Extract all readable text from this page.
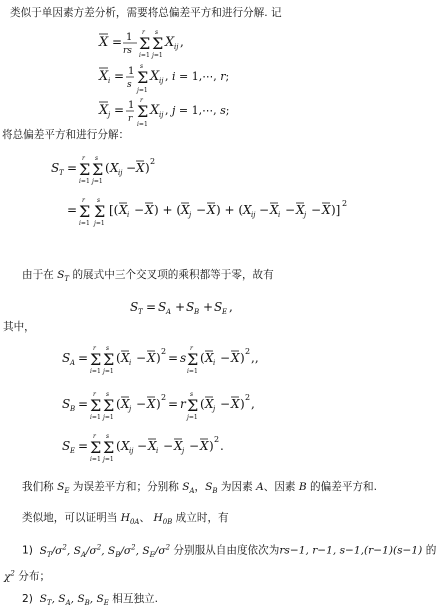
类似于单因素方差分析，需要将总偏差平方和进行分解. 记
X = 1
rs Σ
r
i=1
Σ
s
j=1
X ij ,
X i = 1
s Σ
s
j=1
X ij , i = 1,⋯, r;
X j = 1
r Σ
r
i=1
X ij , j = 1,⋯, s;
将总偏差平方和进行分解：
S T = Σ
r
i=1
Σ
s
j=1
( X ij − X ) 2
= Σ
r
i=1
Σ
s
j=1
[( X i − X ) + ( X j − X ) + ( X ij − X i − X j − X )] 2
由于在 $S_T$ 的展式中三个交叉项的乘积都等于零，故有
S T = S A + S B + S E ,
其中，
S A = Σ
r
i=1
Σ
s
j=1
( X i − X ) 2 = s Σ
r
i=1
( X i − X ) 2 ,,
S B = Σ
r
i=1
Σ
s
j=1
( X j − X ) 2 = r Σ
s
j=1
( X j − X ) 2 ,
S E = Σ
r
i=1
Σ
s
j=1
( X ij − X i − X j − X ) 2 .
我们称 $S_E$ 为误差平方和；分别称 $S_A$，$S_B$ 为因素 A、因素 B 的偏差平方和.
类似地，可以证明当 $H_{0A}$、 $H_{0B}$ 成立时，有
1) $S_T/\sigma^2$, $S_A/\sigma^2$, $S_B/\sigma^2$, $S_E/\sigma^2$ 分别服从自由度依次为rs−1, r−1, s−1,(r−1)(s−1) 的
$\chi^2$ 分布；
2) $S_T$, $S_A$, $S_B$, $S_E$ 相互独立.
